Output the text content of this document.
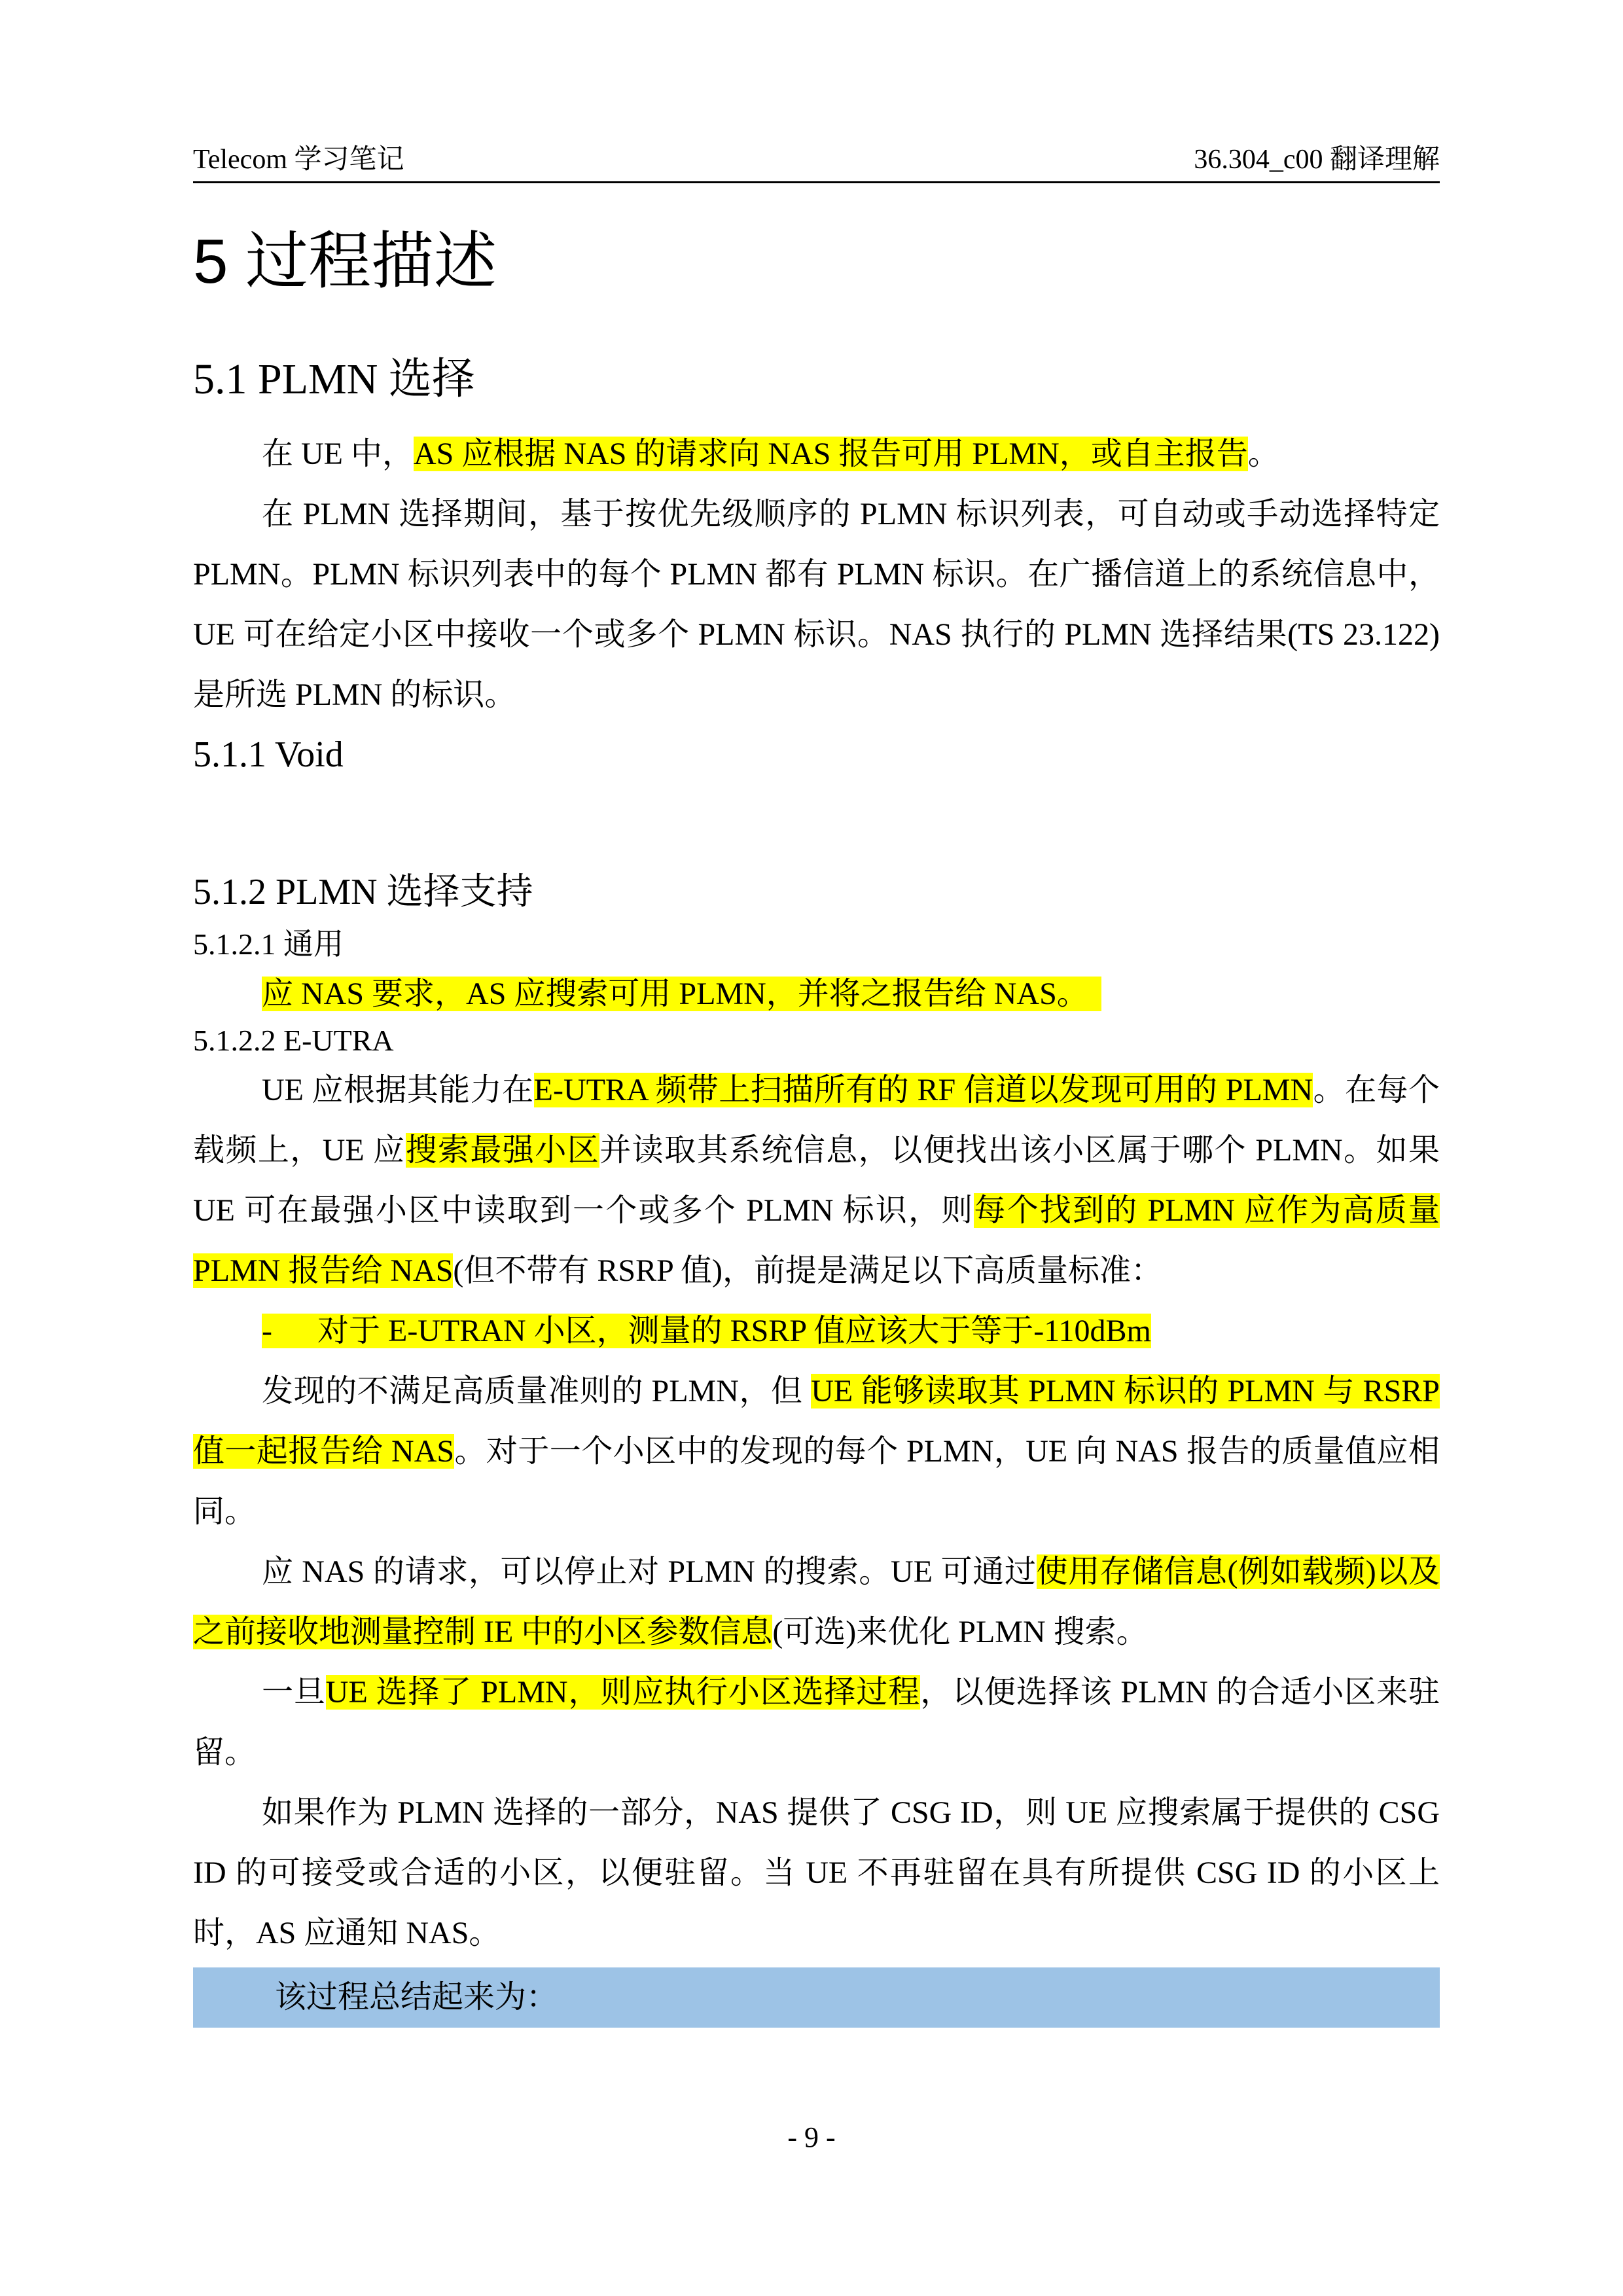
Telecom 学习笔记	36.304_c00 翻译理解
5 过程描述
5.1 PLMN 选择

在 UE 中，AS 应根据 NAS 的请求向 NAS 报告可用 PLMN，或自主报告。

在 PLMN 选择期间，基于按优先级顺序的 PLMN 标识列表，可自动或手动选择特定 PLMN。PLMN 标识列表中的每个 PLMN 都有 PLMN 标识。在广播信道上的系统信息中，UE 可在给定小区中接收一个或多个 PLMN 标识。NAS 执行的 PLMN 选择结果(TS 23.122)是所选 PLMN 的标识。

5.1.1 Void
5.1.2 PLMN 选择支持
5.1.2.1 通用
应 NAS 要求，AS 应搜索可用 PLMN，并将之报告给 NAS。
5.1.2.2 E-UTRA

UE 应根据其能力在E-UTRA 频带上扫描所有的 RF 信道以发现可用的 PLMN。在每个载频上，UE 应搜索最强小区并读取其系统信息，以便找出该小区属于哪个 PLMN。如果 UE 可在最强小区中读取到一个或多个 PLMN 标识，则每个找到的 PLMN 应作为高质量 PLMN 报告给 NAS(但不带有 RSRP 值)，前提是满足以下高质量标准：

- 对于 E-UTRAN 小区，测量的 RSRP 值应该大于等于-110dBm

发现的不满足高质量准则的 PLMN，但 UE 能够读取其 PLMN 标识的 PLMN 与 RSRP 值一起报告给 NAS。对于一个小区中的发现的每个 PLMN，UE 向 NAS 报告的质量值应相同。

应 NAS 的请求，可以停止对 PLMN 的搜索。UE 可通过使用存储信息(例如载频)以及之前接收地测量控制 IE 中的小区参数信息(可选)来优化 PLMN 搜索。

一旦UE 选择了 PLMN，则应执行小区选择过程，以便选择该 PLMN 的合适小区来驻留。

如果作为 PLMN 选择的一部分，NAS 提供了 CSG ID，则 UE 应搜索属于提供的 CSG ID 的可接受或合适的小区，以便驻留。当 UE 不再驻留在具有所提供 CSG ID 的小区上时，AS 应通知 NAS。

该过程总结起来为：
- 9 -
